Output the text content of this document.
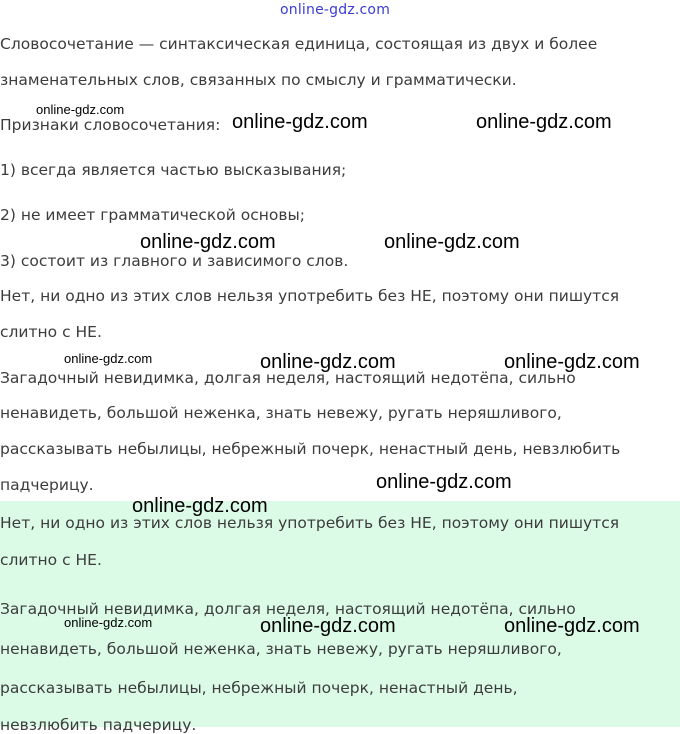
online-gdz.com
Словосочетание — синтаксическая единица, состоящая из двух и более
знаменательных слов, связанных по смыслу и грамматически.
Признаки словосочетания:
1) всегда является частью высказывания;
2) не имеет грамматической основы;
3) состоит из главного и зависимого слов.
Нет, ни одно из этих слов нельзя употребить без НЕ, поэтому они пишутся
слитно с НЕ.
Загадочный невидимка, долгая неделя, настоящий недотёпа, сильно
ненавидеть, большой неженка, знать невежу, ругать неряшливого,
рассказывать небылицы, небрежный почерк, ненастный день, невзлюбить
падчерицу.
Нет, ни одно из этих слов нельзя употребить без НЕ, поэтому они пишутся
слитно с НЕ.
Загадочный невидимка, долгая неделя, настоящий недотёпа, сильно
ненавидеть, большой неженка, знать невежу, ругать неряшливого,
рассказывать небылицы, небрежный почерк, ненастный день,
невзлюбить падчерицу.
online-gdz.com
online-gdz.com	online-gdz.com
online-gdz.com	online-gdz.com
online-gdz.com	online-gdz.com	online-gdz.com
online-gdz.com
online-gdz.com
online-gdz.com	online-gdz.com	online-gdz.com
